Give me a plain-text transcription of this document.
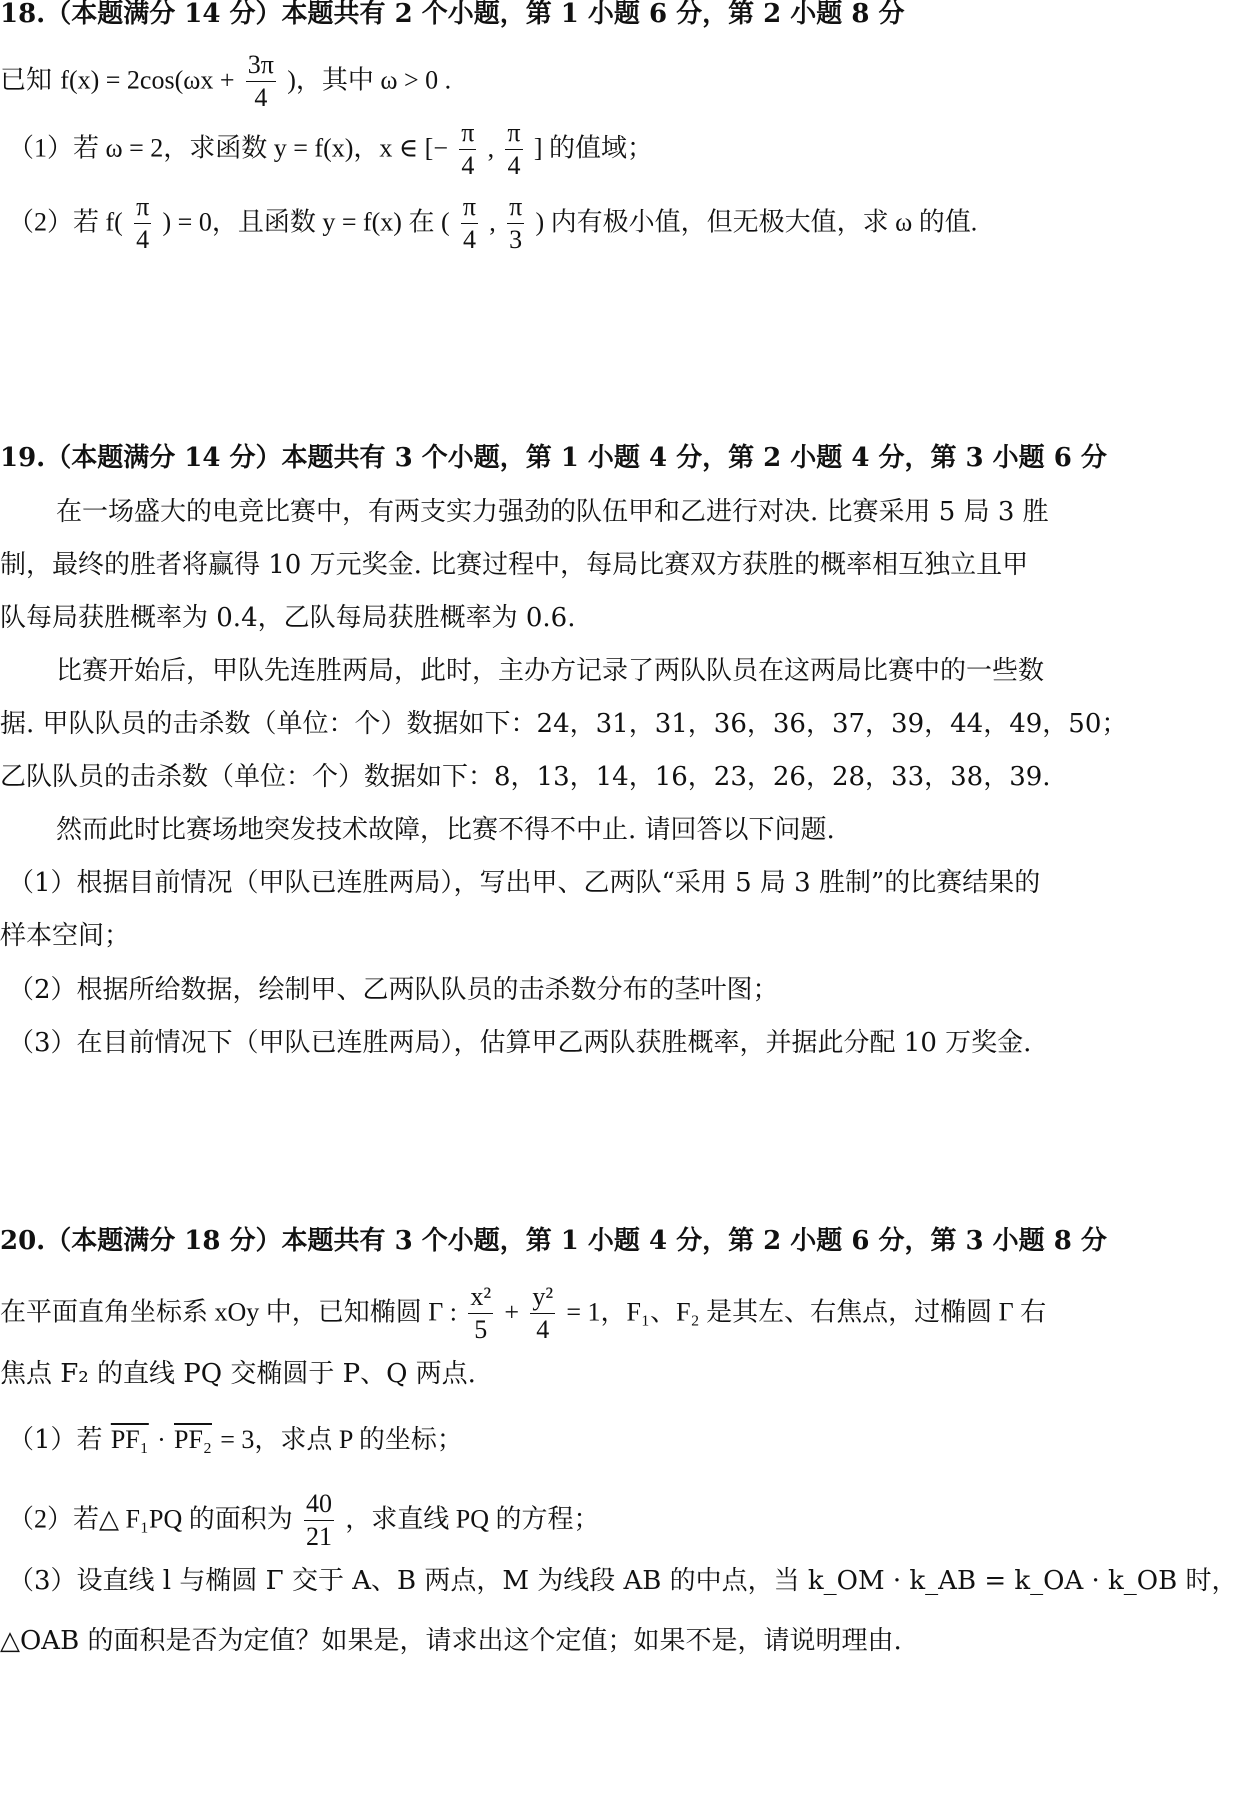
18.（本题满分 14 分）本题共有 2 个小题，第 1 小题 6 分，第 2 小题 8 分
已知 $f(x) = 2\cos(\omega x + \frac{3\pi}{4}$ )，其中 ω > 0 .
（1）若 ω = 2，求函数 y = f(x)，x ∈ [− $\frac{\pi}{4}$ , $\frac{\pi}{4}$ ] 的值域；
（2）若 $f( \frac{\pi}{4}$ ) = 0，且函数 y = f(x) 在 ( $\frac{\pi}{4}$ , $\frac{\pi}{3}$ ) 内有极小值，但无极大值，求 ω 的值.
19.（本题满分 14 分）本题共有 3 个小题，第 1 小题 4 分，第 2 小题 4 分，第 3 小题 6 分
在一场盛大的电竞比赛中，有两支实力强劲的队伍甲和乙进行对决. 比赛采用 5 局 3 胜
制，最终的胜者将赢得 10 万元奖金. 比赛过程中，每局比赛双方获胜的概率相互独立且甲
队每局获胜概率为 0.4，乙队每局获胜概率为 0.6.
比赛开始后，甲队先连胜两局，此时，主办方记录了两队队员在这两局比赛中的一些数
据. 甲队队员的击杀数（单位：个）数据如下：24，31，31，36，36，37，39，44，49，50；
乙队队员的击杀数（单位：个）数据如下：8，13，14，16，23，26，28，33，38，39.
然而此时比赛场地突发技术故障，比赛不得不中止. 请回答以下问题.
（1）根据目前情况（甲队已连胜两局），写出甲、乙两队“采用 5 局 3 胜制”的比赛结果的
样本空间；
（2）根据所给数据，绘制甲、乙两队队员的击杀数分布的茎叶图；
（3）在目前情况下（甲队已连胜两局），估算甲乙两队获胜概率，并据此分配 10 万奖金.
20.（本题满分 18 分）本题共有 3 个小题，第 1 小题 4 分，第 2 小题 6 分，第 3 小题 8 分
在平面直角坐标系 xOy 中，已知椭圆 Γ : $\frac{\text{x²}}{5} + \frac{\text{y²}}{4} = 1$，F₁、F₂ 是其左、右焦点，过椭圆 Γ 右
焦点 F₂ 的直线 PQ 交椭圆于 P、Q 两点.
（1）若 PF₁ · PF₂ = 3，求点 P 的坐标；
（2）若△ F₁PQ 的面积为 $\frac{40}{21}$ ，求直线 PQ 的方程；
（3）设直线 l 与椭圆 Γ 交于 A、B 两点，M 为线段 AB 的中点，当 k_OM · k_AB = k_OA · k_OB 时，
△OAB 的面积是否为定值？如果是，请求出这个定值；如果不是，请说明理由.
